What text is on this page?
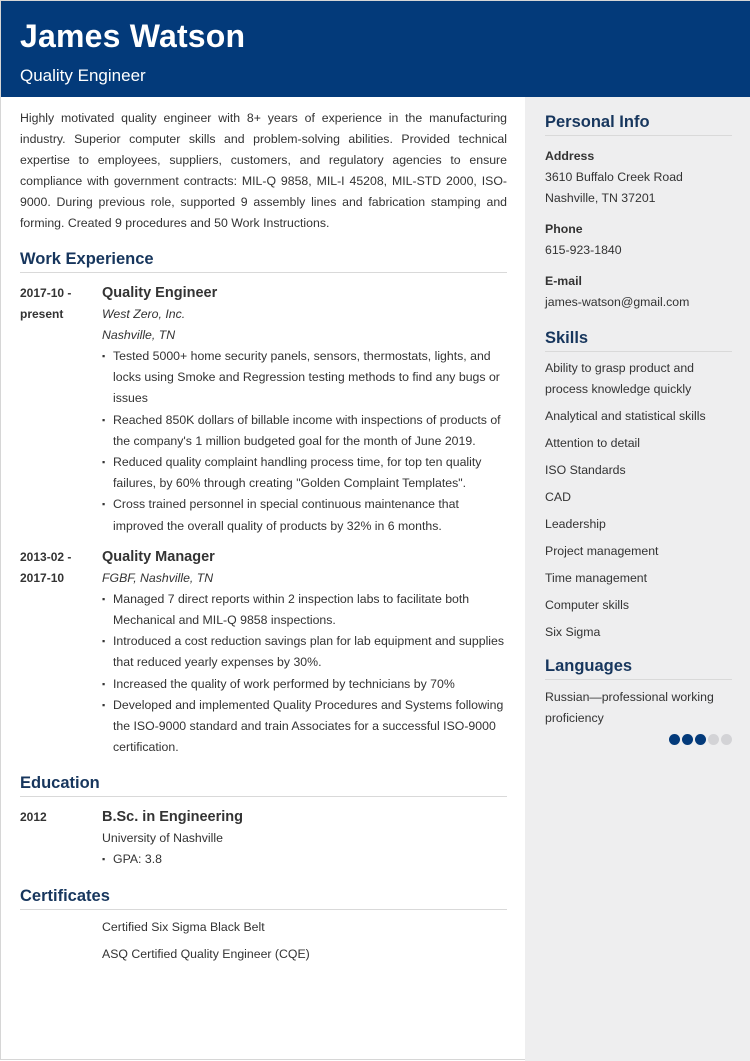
James Watson
Quality Engineer
Highly motivated quality engineer with 8+ years of experience in the manufacturing industry. Superior computer skills and problem-solving abilities. Provided technical expertise to employees, suppliers, customers, and regulatory agencies to ensure compliance with government contracts: MIL-Q 9858, MIL-I 45208, MIL-STD 2000, ISO-9000. During previous role, supported 9 assembly lines and fabrication stamping and forming. Created 9 procedures and 50 Work Instructions.
Work Experience
2017-10 -
present
Quality Engineer
West Zero, Inc.
Nashville, TN
▪ Tested 5000+ home security panels, sensors, thermostats, lights, and locks using Smoke and Regression testing methods to find any bugs or issues
▪ Reached 850K dollars of billable income with inspections of products of the company's 1 million budgeted goal for the month of June 2019.
▪ Reduced quality complaint handling process time, for top ten quality failures, by 60% through creating "Golden Complaint Templates".
▪ Cross trained personnel in special continuous maintenance that improved the overall quality of products by 32% in 6 months.
2013-02 -
2017-10
Quality Manager
FGBF, Nashville, TN
▪ Managed 7 direct reports within 2 inspection labs to facilitate both Mechanical and MIL-Q 9858 inspections.
▪ Introduced a cost reduction savings plan for lab equipment and supplies that reduced yearly expenses by 30%.
▪ Increased the quality of work performed by technicians by 70%
▪ Developed and implemented Quality Procedures and Systems following the ISO-9000 standard and train Associates for a successful ISO-9000 certification.
Education
2012	B.Sc. in Engineering
University of Nashville
▪ GPA: 3.8
Certificates
Certified Six Sigma Black Belt
ASQ Certified Quality Engineer (CQE)
Personal Info
Address
3610 Buffalo Creek Road
Nashville, TN 37201
Phone
615-923-1840
E-mail
james-watson@gmail.com
Skills
Ability to grasp product and process knowledge quickly
Analytical and statistical skills
Attention to detail
ISO Standards
CAD
Leadership
Project management
Time management
Computer skills
Six Sigma
Languages
Russian—professional working proficiency
